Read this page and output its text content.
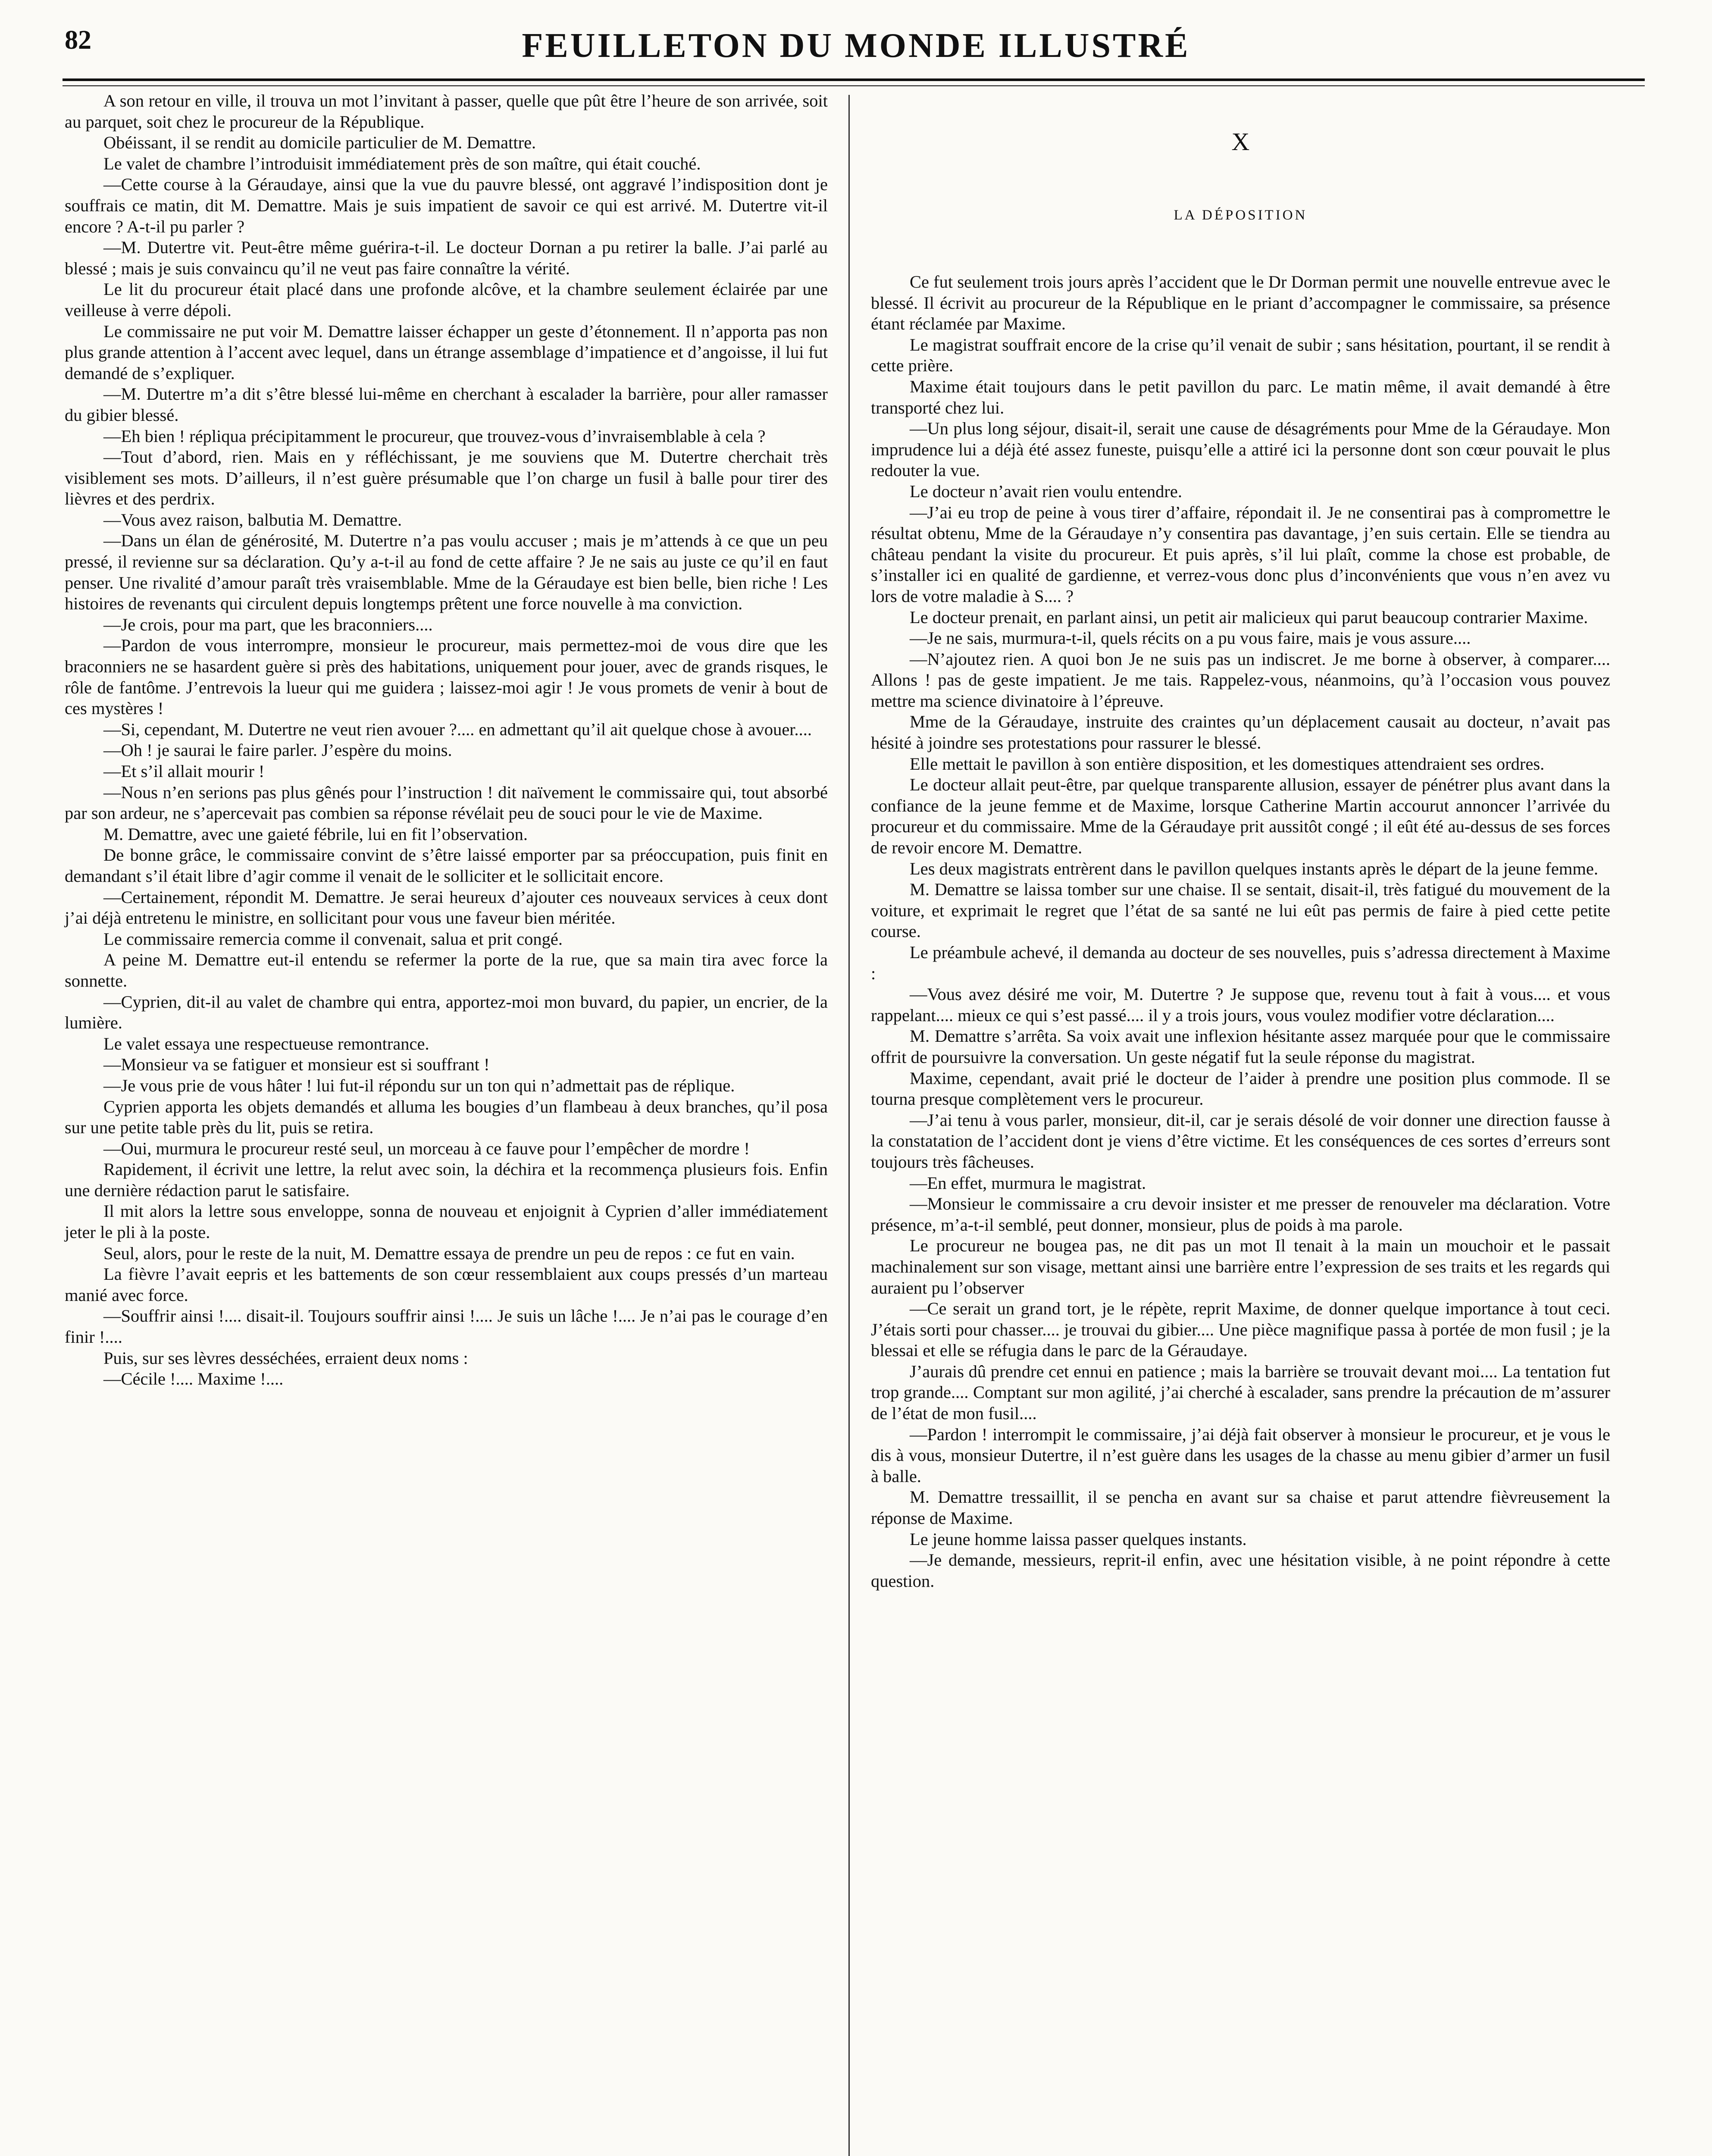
82	FEUILLETON DU MONDE ILLUSTRÉ

A son retour en ville, il trouva un mot l’invitant à passer, quelle que pût être l’heure de son arrivée, soit au parquet, soit chez le procureur de la République.

Obéissant, il se rendit au domicile particulier de M. Demattre.

Le valet de chambre l’introduisit immédiatement près de son maître, qui était couché.

—Cette course à la Géraudaye, ainsi que la vue du pauvre blessé, ont aggravé l’indisposition dont je souffrais ce matin, dit M. Demattre. Mais je suis impatient de savoir ce qui est arrivé. M. Dutertre vit-il encore ? A-t-il pu parler ?

—M. Dutertre vit. Peut-être même guérira-t-il. Le docteur Dornan a pu retirer la balle. J’ai parlé au blessé ; mais je suis convaincu qu’il ne veut pas faire connaître la vérité.

Le lit du procureur était placé dans une profonde alcôve, et la chambre seulement éclairée par une veilleuse à verre dépoli.

Le commissaire ne put voir M. Demattre laisser échapper un geste d’étonnement. Il n’apporta pas non plus grande attention à l’accent avec lequel, dans un étrange assemblage d’impatience et d’angoisse, il lui fut demandé de s’expliquer.

—M. Dutertre m’a dit s’être blessé lui-même en cherchant à escalader la barrière, pour aller ramasser du gibier blessé.

—Eh bien ! répliqua précipitamment le procureur, que trouvez-vous d’invraisemblable à cela ?

—Tout d’abord, rien. Mais en y réfléchissant, je me souviens que M. Dutertre cherchait très visiblement ses mots. D’ailleurs, il n’est guère présumable que l’on charge un fusil à balle pour tirer des lièvres et des perdrix.

—Vous avez raison, balbutia M. Demattre.

—Dans un élan de générosité, M. Dutertre n’a pas voulu accuser ; mais je m’attends à ce que un peu pressé, il revienne sur sa déclaration. Qu’y a-t-il au fond de cette affaire ? Je ne sais au juste ce qu’il en faut penser. Une rivalité d’amour paraît très vraisemblable. Mme de la Géraudaye est bien belle, bien riche ! Les histoires de revenants qui circulent depuis longtemps prêtent une force nouvelle à ma conviction.

—Je crois, pour ma part, que les braconniers....

—Pardon de vous interrompre, monsieur le procureur, mais permettez-moi de vous dire que les braconniers ne se hasardent guère si près des habitations, uniquement pour jouer, avec de grands risques, le rôle de fantôme. J’entrevois la lueur qui me guidera ; laissez-moi agir ! Je vous promets de venir à bout de ces mystères !

—Si, cependant, M. Dutertre ne veut rien avouer ?.... en admettant qu’il ait quelque chose à avouer....

—Oh ! je saurai le faire parler. J’espère du moins.

—Et s’il allait mourir !

—Nous n’en serions pas plus gênés pour l’instruction ! dit naïvement le commissaire qui, tout absorbé par son ardeur, ne s’apercevait pas combien sa réponse révélait peu de souci pour le vie de Maxime.

M. Demattre, avec une gaieté fébrile, lui en fit l’observation.

De bonne grâce, le commissaire convint de s’être laissé emporter par sa préoccupation, puis finit en demandant s’il était libre d’agir comme il venait de le solliciter et le sollicitait encore.

—Certainement, répondit M. Demattre. Je serai heureux d’ajouter ces nouveaux services à ceux dont j’ai déjà entretenu le ministre, en sollicitant pour vous une faveur bien méritée.

Le commissaire remercia comme il convenait, salua et prit congé.

A peine M. Demattre eut-il entendu se refermer la porte de la rue, que sa main tira avec force la sonnette.

—Cyprien, dit-il au valet de chambre qui entra, apportez-moi mon buvard, du papier, un encrier, de la lumière.

Le valet essaya une respectueuse remontrance.

—Monsieur va se fatiguer et monsieur est si souffrant !

—Je vous prie de vous hâter ! lui fut-il répondu sur un ton qui n’admettait pas de réplique.

Cyprien apporta les objets demandés et alluma les bougies d’un flambeau à deux branches, qu’il posa sur une petite table près du lit, puis se retira.

—Oui, murmura le procureur resté seul, un morceau à ce fauve pour l’empêcher de mordre !

Rapidement, il écrivit une lettre, la relut avec soin, la déchira et la recommença plusieurs fois. Enfin une dernière rédaction parut le satisfaire.

Il mit alors la lettre sous enveloppe, sonna de nouveau et enjoignit à Cyprien d’aller immédiatement jeter le pli à la poste.

Seul, alors, pour le reste de la nuit, M. Demattre essaya de prendre un peu de repos : ce fut en vain.

La fièvre l’avait eepris et les battements de son cœur ressemblaient aux coups pressés d’un marteau manié avec force.

—Souffrir ainsi !.... disait-il. Toujours souffrir ainsi !.... Je suis un lâche !.... Je n’ai pas le courage d’en finir !....

Puis, sur ses lèvres desséchées, erraient deux noms :

—Cécile !.... Maxime !....

X
LA DÉPOSITION

Ce fut seulement trois jours après l’accident que le Dr Dorman permit une nouvelle entrevue avec le blessé. Il écrivit au procureur de la République en le priant d’accompagner le commissaire, sa présence étant réclamée par Maxime.

Le magistrat souffrait encore de la crise qu’il venait de subir ; sans hésitation, pourtant, il se rendit à cette prière.

Maxime était toujours dans le petit pavillon du parc. Le matin même, il avait demandé à être transporté chez lui.

—Un plus long séjour, disait-il, serait une cause de désagréments pour Mme de la Géraudaye. Mon imprudence lui a déjà été assez funeste, puisqu’elle a attiré ici la personne dont son cœur pouvait le plus redouter la vue.

Le docteur n’avait rien voulu entendre.

—J’ai eu trop de peine à vous tirer d’affaire, répondait il. Je ne consentirai pas à compromettre le résultat obtenu, Mme de la Géraudaye n’y consentira pas davantage, j’en suis certain. Elle se tiendra au château pendant la visite du procureur. Et puis après, s’il lui plaît, comme la chose est probable, de s’installer ici en qualité de gardienne, et verrez-vous donc plus d’inconvénients que vous n’en avez vu lors de votre maladie à S.... ?

Le docteur prenait, en parlant ainsi, un petit air malicieux qui parut beaucoup contrarier Maxime.

—Je ne sais, murmura-t-il, quels récits on a pu vous faire, mais je vous assure....

—N’ajoutez rien. A quoi bon Je ne suis pas un indiscret. Je me borne à observer, à comparer.... Allons ! pas de geste impatient. Je me tais. Rappelez-vous, néanmoins, qu’à l’occasion vous pouvez mettre ma science divinatoire à l’épreuve.

Mme de la Géraudaye, instruite des craintes qu’un déplacement causait au docteur, n’avait pas hésité à joindre ses protestations pour rassurer le blessé.

Elle mettait le pavillon à son entière disposition, et les domestiques attendraient ses ordres.

Le docteur allait peut-être, par quelque transparente allusion, essayer de pénétrer plus avant dans la confiance de la jeune femme et de Maxime, lorsque Catherine Martin accourut annoncer l’arrivée du procureur et du commissaire. Mme de la Géraudaye prit aussitôt congé ; il eût été au-dessus de ses forces de revoir encore M. Demattre.

Les deux magistrats entrèrent dans le pavillon quelques instants après le départ de la jeune femme.

M. Demattre se laissa tomber sur une chaise. Il se sentait, disait-il, très fatigué du mouvement de la voiture, et exprimait le regret que l’état de sa santé ne lui eût pas permis de faire à pied cette petite course.

Le préambule achevé, il demanda au docteur de ses nouvelles, puis s’adressa directement à Maxime :

—Vous avez désiré me voir, M. Dutertre ? Je suppose que, revenu tout à fait à vous.... et vous rappelant.... mieux ce qui s’est passé.... il y a trois jours, vous voulez modifier votre déclaration....

M. Demattre s’arrêta. Sa voix avait une inflexion hésitante assez marquée pour que le commissaire offrit de poursuivre la conversation. Un geste négatif fut la seule réponse du magistrat.

Maxime, cependant, avait prié le docteur de l’aider à prendre une position plus commode. Il se tourna presque complètement vers le procureur.

—J’ai tenu à vous parler, monsieur, dit-il, car je serais désolé de voir donner une direction fausse à la constatation de l’accident dont je viens d’être victime. Et les conséquences de ces sortes d’erreurs sont toujours très fâcheuses.

—En effet, murmura le magistrat.

—Monsieur le commissaire a cru devoir insister et me presser de renouveler ma déclaration. Votre présence, m’a-t-il semblé, peut donner, monsieur, plus de poids à ma parole.

Le procureur ne bougea pas, ne dit pas un mot Il tenait à la main un mouchoir et le passait machinalement sur son visage, mettant ainsi une barrière entre l’expression de ses traits et les regards qui auraient pu l’observer

—Ce serait un grand tort, je le répète, reprit Maxime, de donner quelque importance à tout ceci. J’étais sorti pour chasser.... je trouvai du gibier.... Une pièce magnifique passa à portée de mon fusil ; je la blessai et elle se réfugia dans le parc de la Géraudaye.

J’aurais dû prendre cet ennui en patience ; mais la barrière se trouvait devant moi.... La tentation fut trop grande.... Comptant sur mon agilité, j’ai cherché à escalader, sans prendre la précaution de m’assurer de l’état de mon fusil....

—Pardon ! interrompit le commissaire, j’ai déjà fait observer à monsieur le procureur, et je vous le dis à vous, monsieur Dutertre, il n’est guère dans les usages de la chasse au menu gibier d’armer un fusil à balle.

M. Demattre tressaillit, il se pencha en avant sur sa chaise et parut attendre fièvreusement la réponse de Maxime.

Le jeune homme laissa passer quelques instants.

—Je demande, messieurs, reprit-il enfin, avec une hésitation visible, à ne point répondre à cette question.
